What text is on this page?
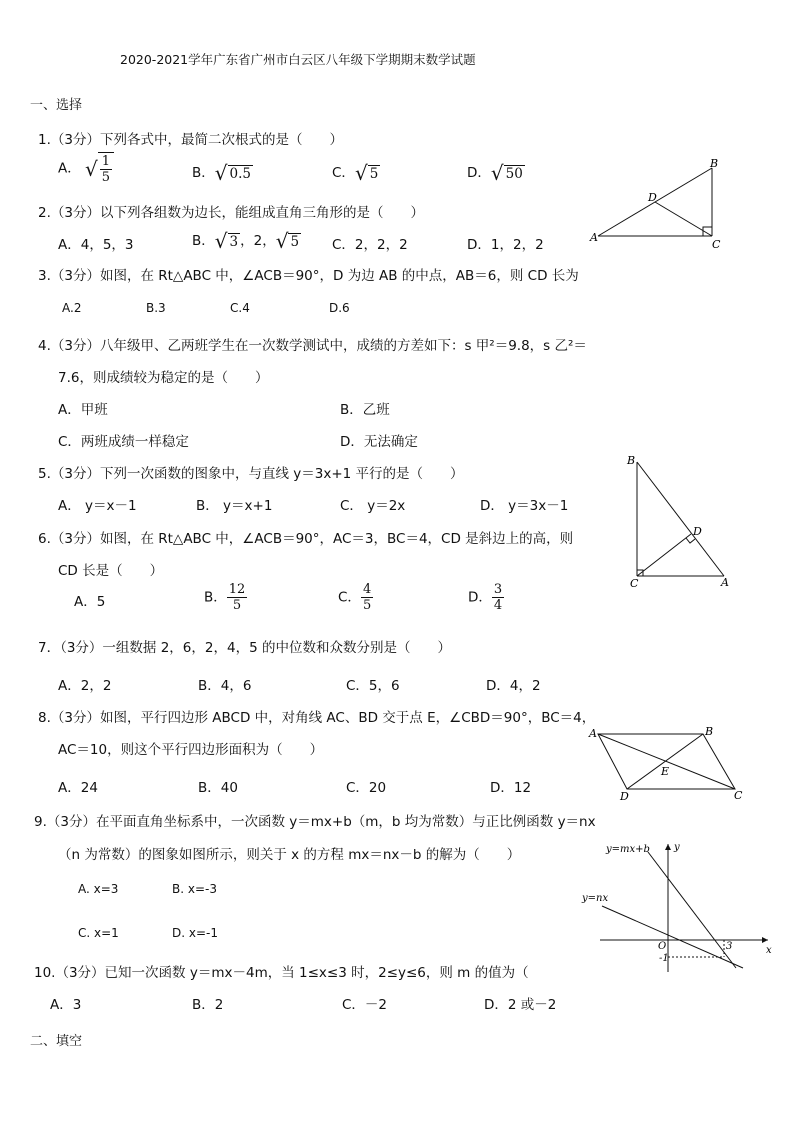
2020-2021学年广东省广州市白云区八年级下学期期末数学试题
一、选择
1.（3分）下列各式中，最简二次根式的是（　　）
A． √ $\frac{1}{5}$	B． √ 0.5	C． √ 5	D． √ 50
A
B
C
D
2.（3分）以下列各组数为边长，能组成直角三角形的是（　　）
A．4，5，3	B． √ 3 ，2， √ 5 C．2，2，2	D．1，2，2
3.（3分）如图，在 Rt△ABC 中，∠ACB＝90°，D 为边 AB 的中点，AB＝6，则 CD 长为
A.2	B.3	C.4	D.6
4.（3分）八年级甲、乙两班学生在一次数学测试中，成绩的方差如下：s 甲²＝9.8，s 乙²＝
7.6，则成绩较为稳定的是（　　）
A．甲班	B．乙班
C．两班成绩一样稳定	D．无法确定
5.（3分）下列一次函数的图象中，与直线 y＝3x+1 平行的是（　　）
A． y＝x－1	B． y＝x+1	C． y＝2x	D． y＝3x－1
B
C	A
D
6.（3分）如图，在 Rt△ABC 中，∠ACB＝90°，AC＝3，BC＝4，CD 是斜边上的高，则
CD 长是（　　）
A．5	B． $\frac{12}{5}$	C． $\frac{4}{5}$	D． $\frac{3}{4}$
7．（3分）一组数据 2，6，2，4，5 的中位数和众数分别是（　　）
A．2，2	B．4，6	C．5，6	D．4，2
8.（3分）如图，平行四边形 ABCD 中，对角线 AC、BD 交于点 E，∠CBD＝90°，BC＝4，
AC＝10，则这个平行四边形面积为（　　）
A．24	B．40	C．20	D．12
A	B
C
D
E
9.（3分）在平面直角坐标系中，一次函数 y＝mx+b（m，b 均为常数）与正比例函数 y＝nx
（n 为常数）的图象如图所示，则关于 x 的方程 mx＝nx－b 的解为（　　）
A. x=3	B. x=-3
C. x=1	D. x=-1
y=mx+b
y=nx
y
x
O	3
-1
10.（3分）已知一次函数 y＝mx－4m，当 1≤x≤3 时，2≤y≤6，则 m 的值为（
A．3	B．2	C．－2	D．2 或－2
二、填空
